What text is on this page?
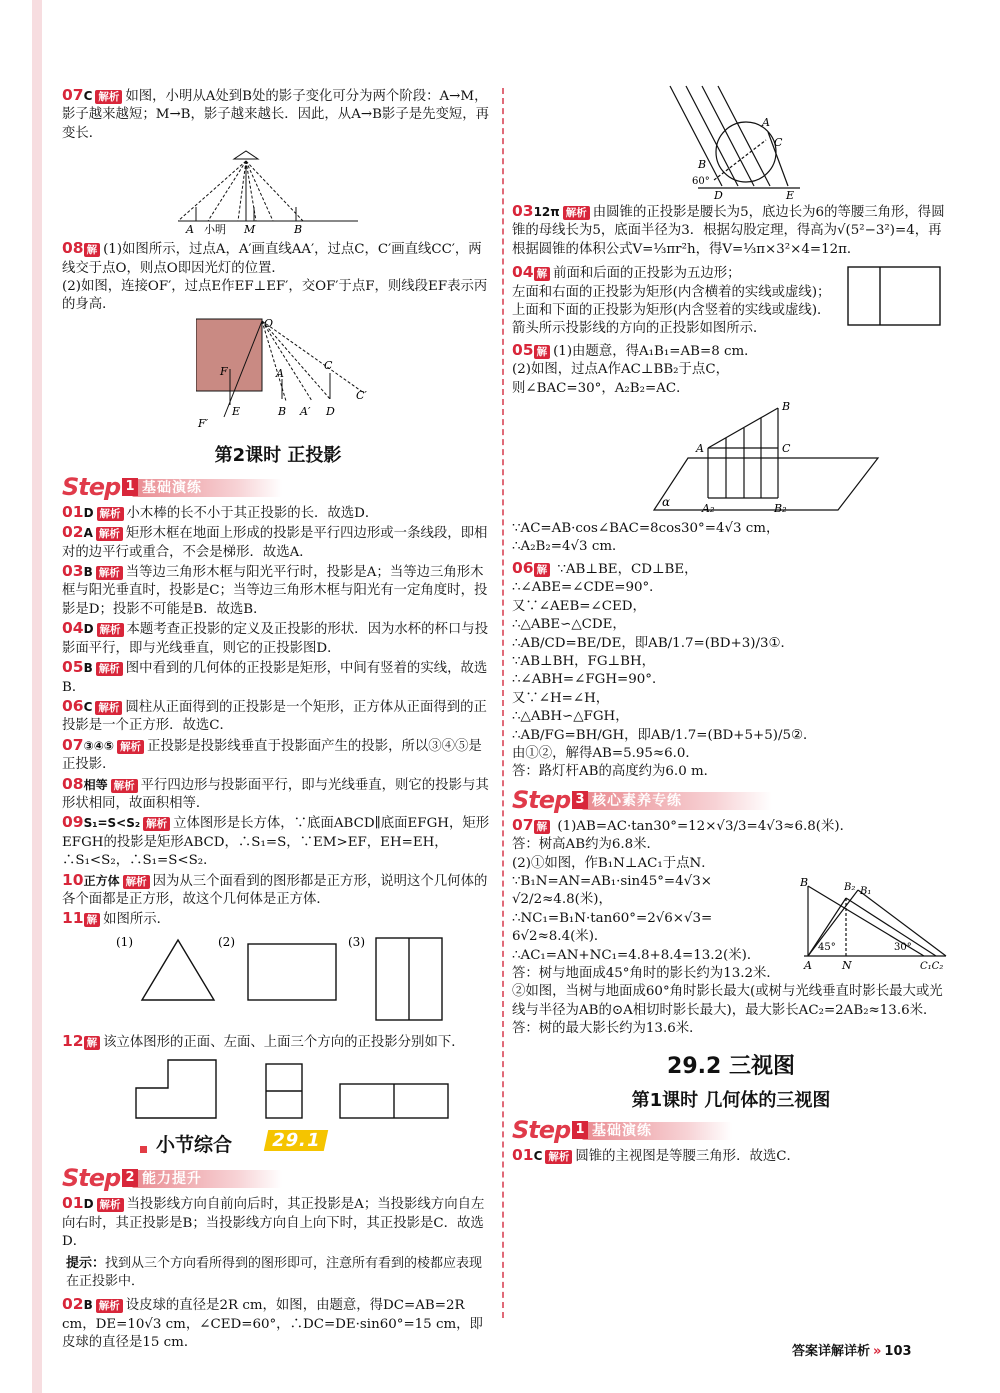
07C 解析 如图，小明从A处到B处的影子变化可分为两个阶段：A→M，影子越来越短；M→B，影子越来越长．因此，从A→B影子是先变短，再变长．

A 小明 M	B

08 解 (1)如图所示，过点A，A′画直线AA′，过点C，C′画直线CC′，两线交于点O，则点O即因光灯的位置．
(2)如图，连接OF′，过点E作EF⊥EF′，交OF′于点F，则线段EF表示丙的身高．

O
F
F′
E
A
B A′
C
D
C′
第2课时 正投影
Step 1 基础演练

01D 解析 小木棒的长不小于其正投影的长．故选D．

02A 解析 矩形木框在地面上形成的投影是平行四边形或一条线段，即相对的边平行或重合，不会是梯形．故选A．

03B 解析 当等边三角形木框与阳光平行时，投影是A；当等边三角形木框与阳光垂直时，投影是C；当等边三角形木框与阳光有一定角度时，投影是D；投影不可能是B．故选B．

04D 解析 本题考查正投影的定义及正投影的形状．因为水杯的杯口与投影面平行，即与光线垂直，则它的正投影图D．

05B 解析 图中看到的几何体的正投影是矩形，中间有竖着的实线，故选B．

06C 解析 圆柱从正面得到的正投影是一个矩形，正方体从正面得到的正投影是一个正方形．故选C．

07③④⑤ 解析 正投影是投影线垂直于投影面产生的投影，所以③④⑤是正投影．

08相等 解析 平行四边形与投影面平行，即与光线垂直，则它的投影与其形状相同，故面积相等．

09S₁=S<S₂ 解析 立体图形是长方体，∵底面ABCD∥底面EFGH，矩形EFGH的投影是矩形ABCD，∴S₁=S，∵EM>EF，EH=EH，∴S₁<S₂，∴S₁=S<S₂．

10正方体 解析 因为从三个面看到的图形都是正方形，说明这个几何体的各个面都是正方形，故这个几何体是正方体．

11 解 如图所示．

(1)	(2)	(3)

12 解 该立体图形的正面、左面、上面三个方向的正投影分别如下．

小节综合	29.1
Step 2 能力提升

01D 解析 当投影线方向自前向后时，其正投影是A；当投影线方向自左向右时，其正投影是B；当投影线方向自上向下时，其正投影是C．故选D．

提示：找到从三个方向看所得到的图形即可，注意所有看到的棱都应表现在正投影中．

02B 解析 设皮球的直径是2R cm，如图，由题意，得DC=AB=2R cm，DE=10√3 cm，∠CED=60°，∴DC=DE·sin60°=15 cm，即皮球的直径是15 cm．

A
C
B
60°
D	E

0312π 解析 由圆锥的正投影是腰长为5，底边长为6的等腰三角形，得圆锥的母线长为5，底面半径为3．根据勾股定理，得高为√(5²−3²)=4，再根据圆锥的体积公式V=⅓πr²h，得V=⅓π×3²×4=12π．

04 解 前面和后面的正投影为五边形；
左面和右面的正投影为矩形(内含横着的实线或虚线)；
上面和下面的正投影为矩形(内含竖着的实线或虚线)．
箭头所示投影线的方向的正投影如图所示．

05 解 (1)由题意，得A₁B₁=AB=8 cm．
(2)如图，过点A作AC⊥BB₂于点C，
则∠BAC=30°，A₂B₂=AC．

A
B
C
α	A₂	B₂

∵AC=AB·cos∠BAC=8cos30°=4√3 cm，
∴A₂B₂=4√3 cm．

06 解 ∵AB⊥BE，CD⊥BE，
∴∠ABE=∠CDE=90°．
又∵∠AEB=∠CED，
∴△ABE∽△CDE，
∴AB/CD=BE/DE，即AB/1.7=(BD+3)/3①．
∵AB⊥BH，FG⊥BH，
∴∠ABH=∠FGH=90°．
又∵∠H=∠H，
∴△ABH∽△FGH，
∴AB/FG=BH/GH，即AB/1.7=(BD+5+5)/5②．
由①②，解得AB=5.95≈6.0．
答：路灯杆AB的高度约为6.0 m．

Step 3 核心素养专练
B	B₂ B₁
45°	30°
A	N	C₁C₂

07 解 (1)AB=AC·tan30°=12×√3/3=4√3≈6.8(米)．
答：树高AB约为6.8米．
(2)①如图，作B₁N⊥AC₁于点N．
∵B₁N=AN=AB₁·sin45°=4√3×
√2/2≈4.8(米)，
∴NC₁=B₁N·tan60°=2√6×√3=
6√2≈8.4(米)．
∴AC₁=AN+NC₁=4.8+8.4=13.2(米)．
答：树与地面成45°角时的影长约为13.2米．
②如图，当树与地面成60°角时影长最大(或树与光线垂直时影长最大或光线与半径为AB的⊙A相切时影长最大)，最大影长AC₂=2AB₂≈13.6米．
答：树的最大影长约为13.6米．

29.2 三视图
第1课时 几何体的三视图
Step 1 基础演练

01C 解析 圆锥的主视图是等腰三角形．故选C．

答案详解详析 » 103
